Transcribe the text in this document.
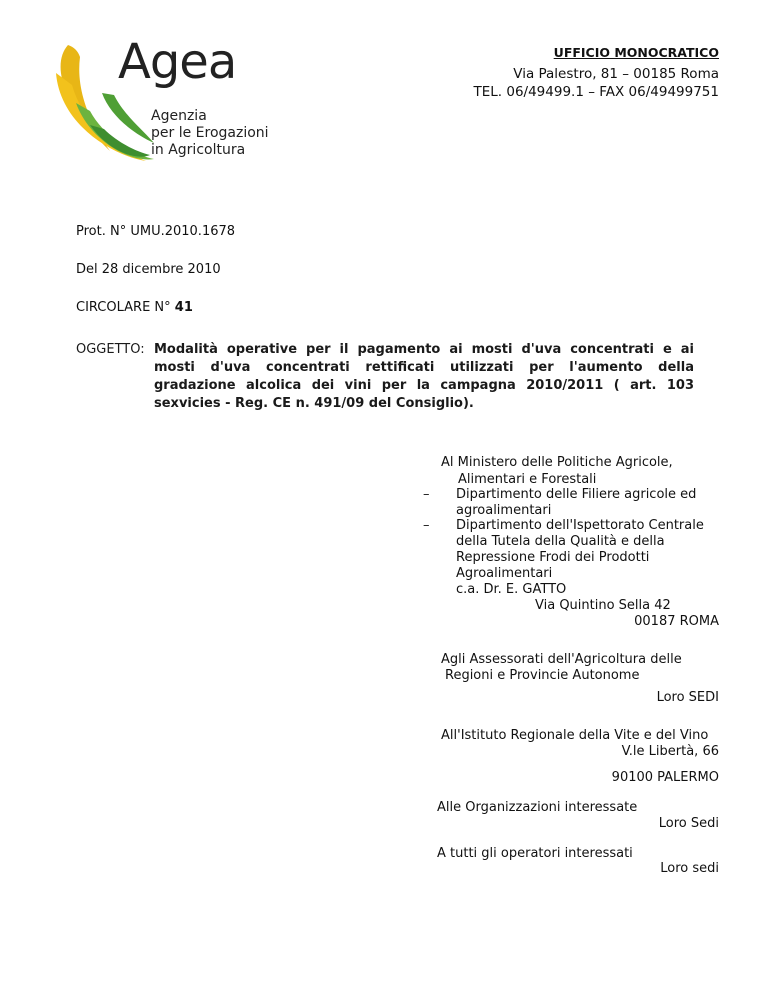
Agea
Agenzia
per le Erogazioni
in Agricoltura
UFFICIO MONOCRATICO
Via Palestro, 81 – 00185 Roma
TEL. 06/49499.1 – FAX 06/49499751
Prot. N° UMU.2010.1678
Del 28 dicembre 2010
CIRCOLARE N° 41
OGGETTO: Modalità operative per il pagamento ai mosti d'uva concentrati e ai mosti d'uva concentrati rettificati utilizzati per l'aumento della gradazione alcolica dei vini per la campagna 2010/2011 ( art. 103 sexvicies - Reg. CE n. 491/09 del Consiglio).
Al Ministero delle Politiche Agricole,
Alimentari e Forestali
– Dipartimento delle Filiere agricole ed
agroalimentari
– Dipartimento dell'Ispettorato Centrale
della Tutela della Qualità e della
Repressione Frodi dei Prodotti
Agroalimentari
c.a. Dr. E. GATTO
Via Quintino Sella 42
00187 ROMA
Agli Assessorati dell'Agricoltura delle
Regioni e Provincie Autonome
Loro SEDI
All'Istituto Regionale della Vite e del Vino
V.le Libertà, 66
90100 PALERMO
Alle Organizzazioni interessate
Loro Sedi
A tutti gli operatori interessati
Loro sedi
